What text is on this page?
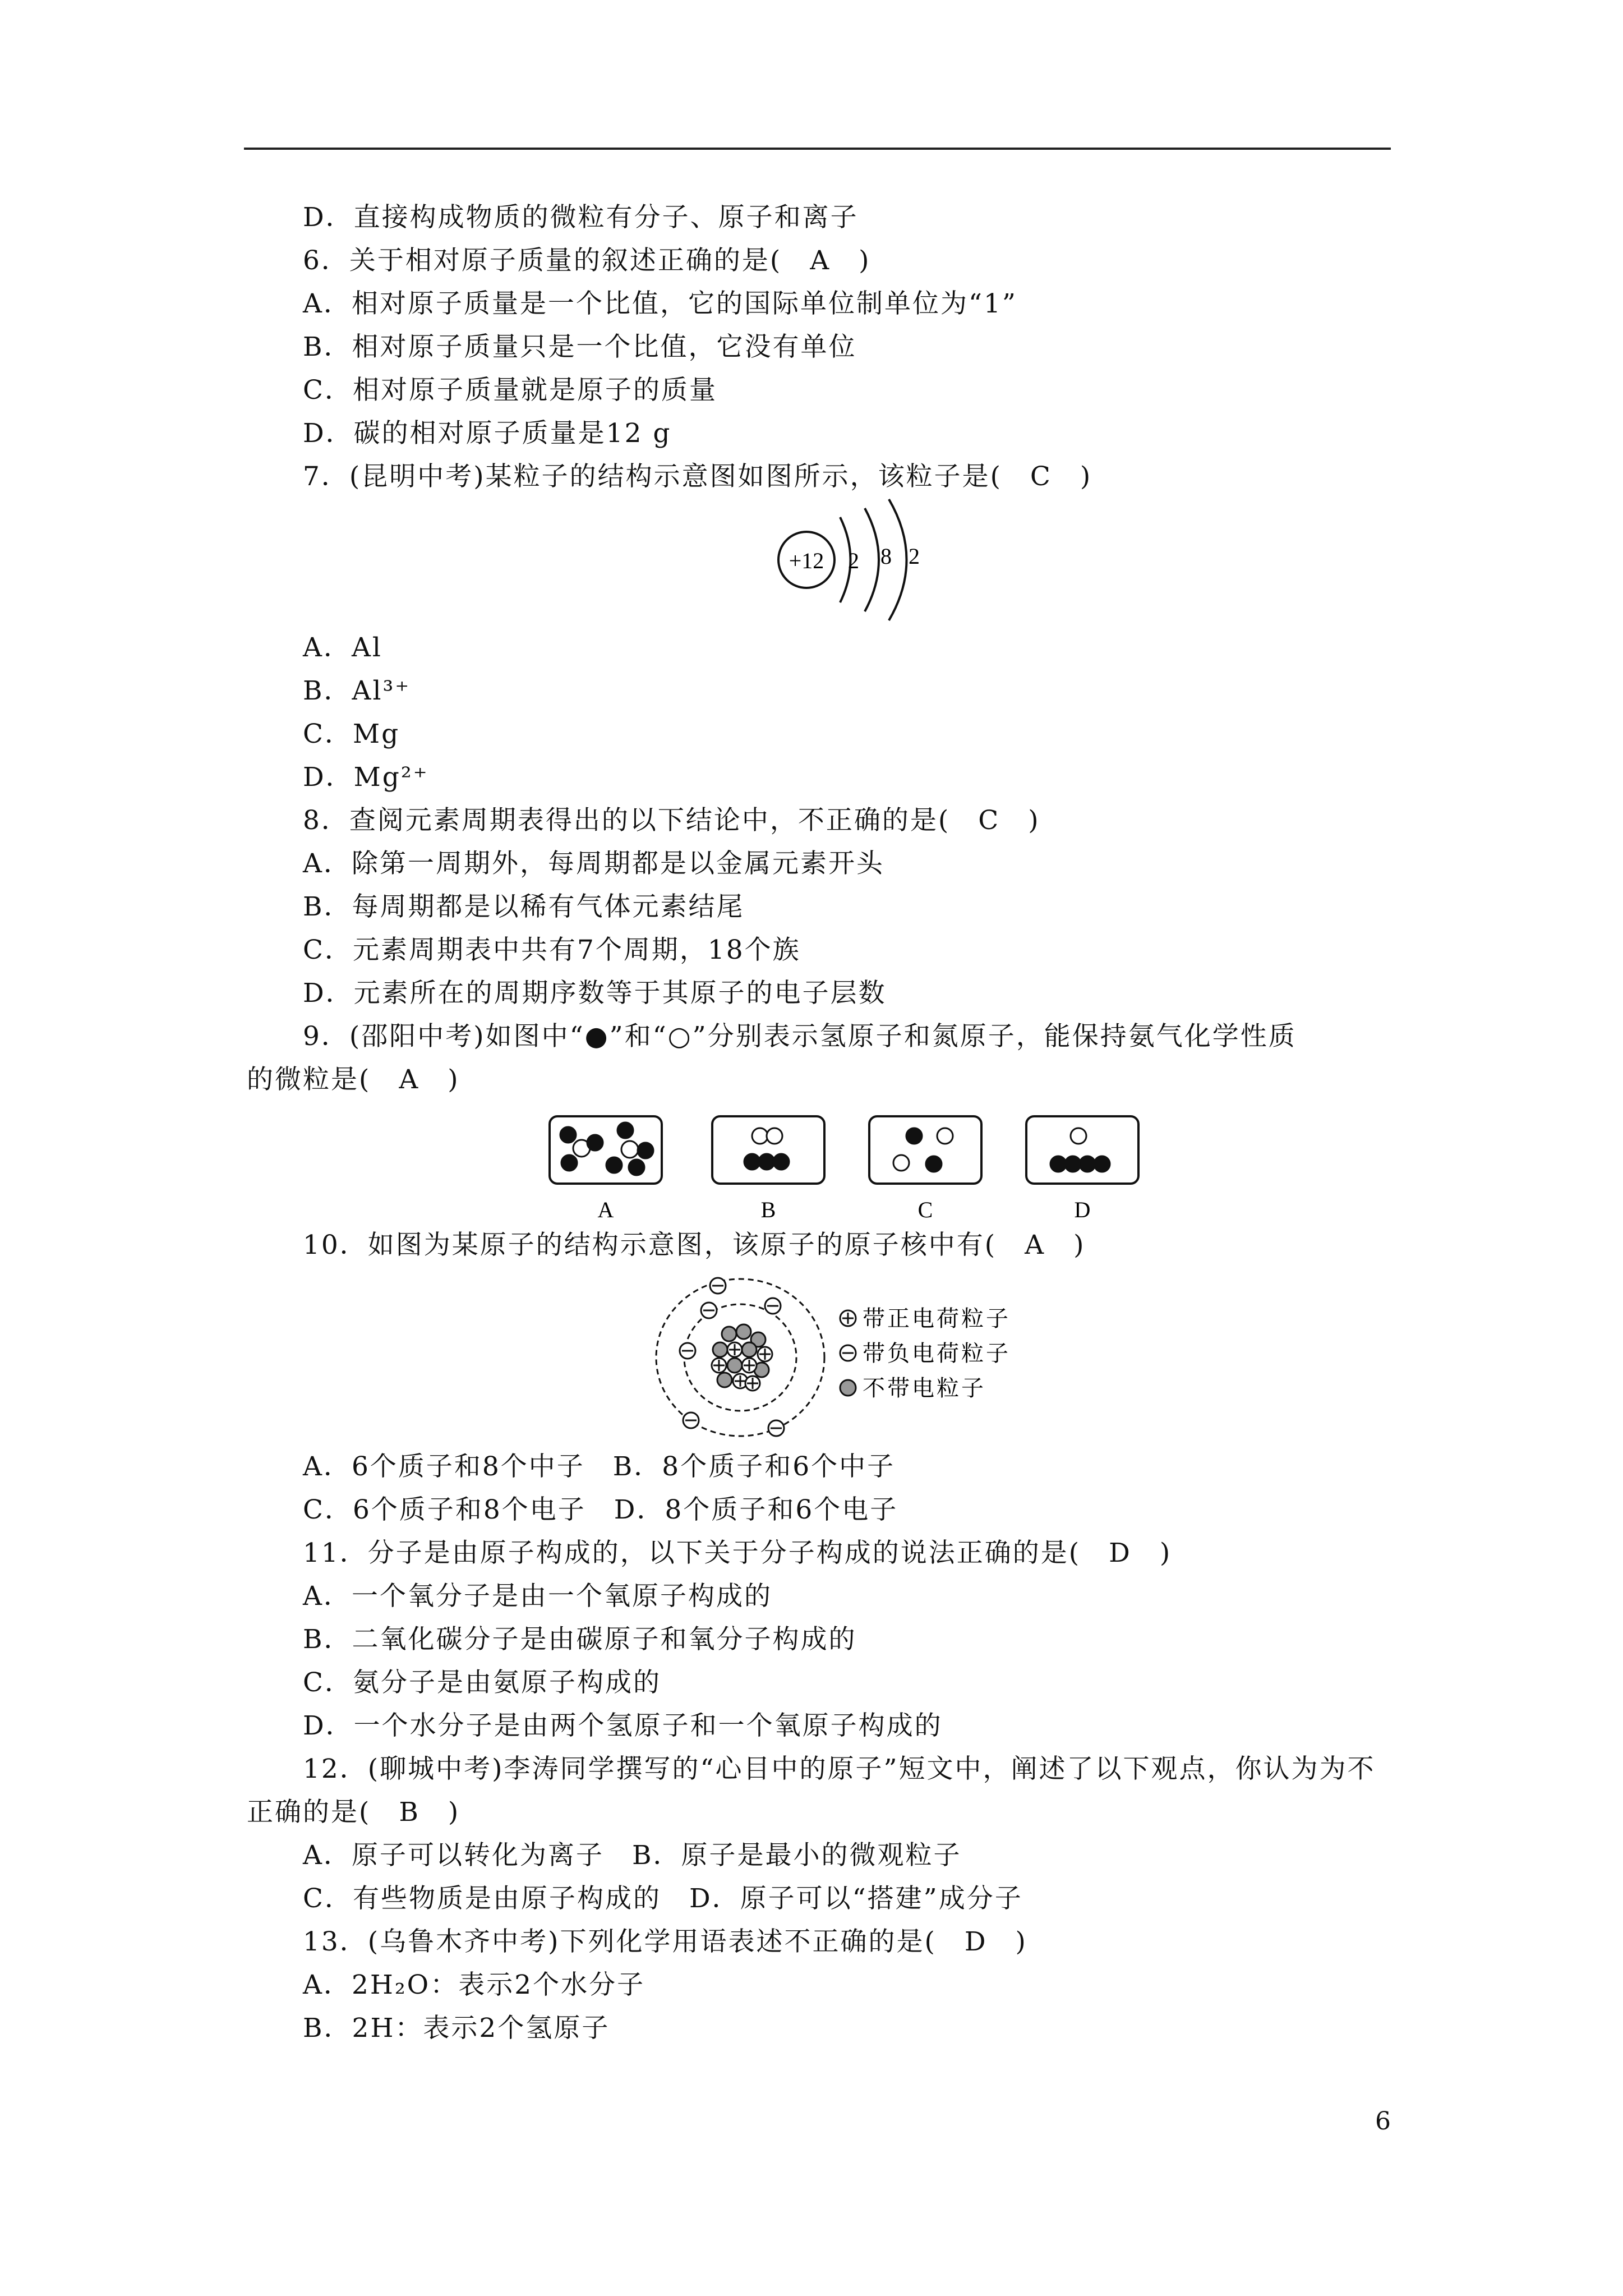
D．直接构成物质的微粒有分子、原子和离子
6．关于相对原子质量的叙述正确的是(　A　)
A．相对原子质量是一个比值，它的国际单位制单位为“1”
B．相对原子质量只是一个比值，它没有单位
C．相对原子质量就是原子的质量
D．碳的相对原子质量是12 g
7．(昆明中考)某粒子的结构示意图如图所示，该粒子是(　C　)
+12 2 8 2
A．Al
B．Al³⁺
C．Mg
D．Mg²⁺
8．查阅元素周期表得出的以下结论中，不正确的是(　C　)
A．除第一周期外，每周期都是以金属元素开头
B．每周期都是以稀有气体元素结尾
C．元素周期表中共有7个周期，18个族
D．元素所在的周期序数等于其原子的电子层数
9．(邵阳中考)如图中“●”和“○”分别表示氢原子和氮原子，能保持氨气化学性质
的微粒是(　A　)
A	B	C	D
10．如图为某原子的结构示意图，该原子的原子核中有(　A　)
带正电荷粒子
带负电荷粒子
不带电粒子
A．6个质子和8个中子　B．8个质子和6个中子
C．6个质子和8个电子　D．8个质子和6个电子
11．分子是由原子构成的，以下关于分子构成的说法正确的是(　D　)
A．一个氧分子是由一个氧原子构成的
B．二氧化碳分子是由碳原子和氧分子构成的
C．氨分子是由氨原子构成的
D．一个水分子是由两个氢原子和一个氧原子构成的
12．(聊城中考)李涛同学撰写的“心目中的原子”短文中，阐述了以下观点，你认为为不
正确的是(　B　)
A．原子可以转化为离子　B．原子是最小的微观粒子
C．有些物质是由原子构成的　D．原子可以“搭建”成分子
13．(乌鲁木齐中考)下列化学用语表述不正确的是(　D　)
A．2H₂O：表示2个水分子
B．2H：表示2个氢原子
6
